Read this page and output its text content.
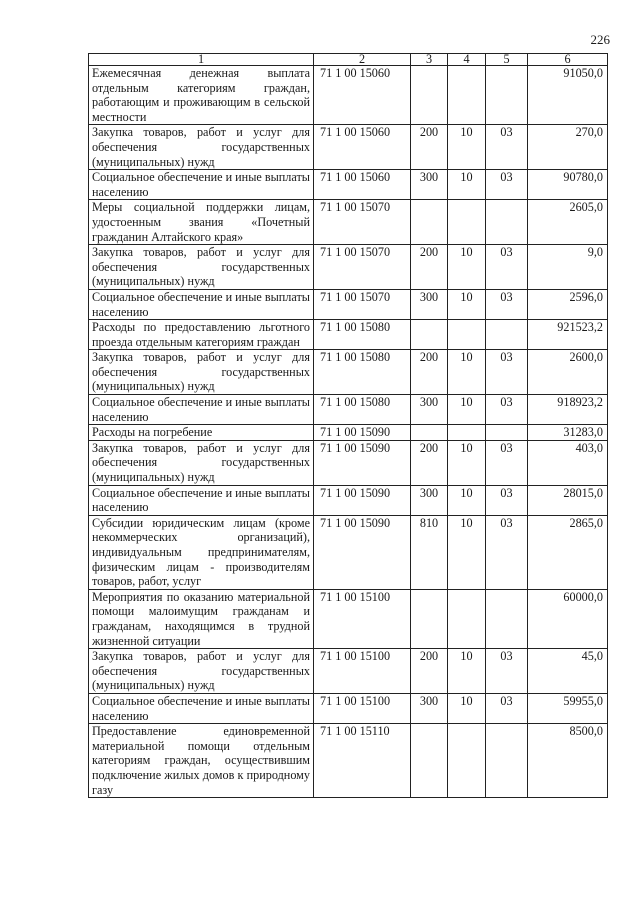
226
1	2	3	4	5	6
Ежемесячная денежная выплата отдельным категориям граждан, работающим и проживающим в сельской местности	71 1 00 15060				91050,0
Закупка товаров, работ и услуг для обеспечения государственных (муниципальных) нужд	71 1 00 15060	200	10	03	270,0
Социальное обеспечение и иные выплаты населению	71 1 00 15060	300	10	03	90780,0
Меры социальной поддержки лицам, удостоенным звания «Почетный гражданин Алтайского края»	71 1 00 15070				2605,0
Закупка товаров, работ и услуг для обеспечения государственных (муниципальных) нужд	71 1 00 15070	200	10	03	9,0
Социальное обеспечение и иные выплаты населению	71 1 00 15070	300	10	03	2596,0
Расходы по предоставлению льготного проезда отдельным категориям граждан	71 1 00 15080				921523,2
Закупка товаров, работ и услуг для обеспечения государственных (муниципальных) нужд	71 1 00 15080	200	10	03	2600,0
Социальное обеспечение и иные выплаты населению	71 1 00 15080	300	10	03	918923,2
Расходы на погребение	71 1 00 15090				31283,0
Закупка товаров, работ и услуг для обеспечения государственных (муниципальных) нужд	71 1 00 15090	200	10	03	403,0
Социальное обеспечение и иные выплаты населению	71 1 00 15090	300	10	03	28015,0
Субсидии юридическим лицам (кроме некоммерческих организаций), индивидуальным предпринимателям, физическим лицам - производителям товаров, работ, услуг	71 1 00 15090	810	10	03	2865,0
Мероприятия по оказанию материальной помощи малоимущим гражданам и гражданам, находящимся в трудной жизненной ситуации	71 1 00 15100				60000,0
Закупка товаров, работ и услуг для обеспечения государственных (муниципальных) нужд	71 1 00 15100	200	10	03	45,0
Социальное обеспечение и иные выплаты населению	71 1 00 15100	300	10	03	59955,0
Предоставление единовременной материальной помощи отдельным категориям граждан, осуществившим подключение жилых домов к природному газу	71 1 00 15110				8500,0
